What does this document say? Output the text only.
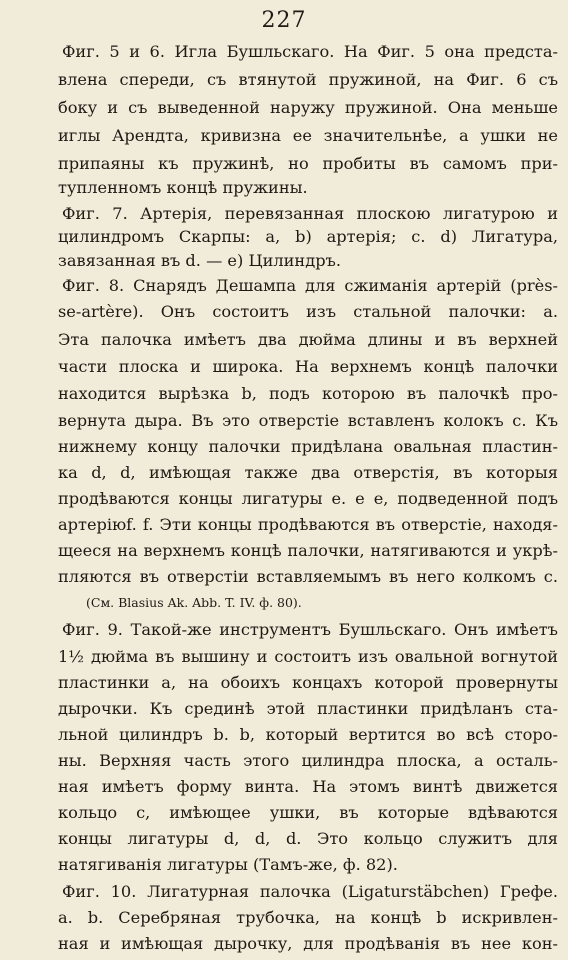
227
Фиг. 5 и 6. Игла Бушльскаго. На Фиг. 5 она предста-
влена спереди, съ втянутой пружиной, на Фиг. 6 съ
боку и съ выведенной наружу пружиной. Она меньше
иглы Арендта, кривизна ее значительнѣе, а ушки не
припаяны къ пружинѣ, но пробиты въ самомъ при-
тупленномъ концѣ пружины.
Фиг. 7. Артерія, перевязанная плоскою лигатурою и
цилиндромъ Скарпы: a, b) артерія; c. d) Лигатура,
завязанная въ d. — e) Цилиндръ.
Фиг. 8. Снарядъ Дешампа для сжиманія артерій (près-
se-artère). Онъ состоитъ изъ стальной палочки: a.
Эта палочка имѣетъ два дюйма длины и въ верхней
части плоска и широка. На верхнемъ концѣ палочки
находится вырѣзка b, подъ которою въ палочкѣ про-
вернута дыра. Въ это отверстіе вставленъ колокъ c. Къ
нижнему концу палочки придѣлана овальная пластин-
ка d, d, имѣющая также два отверстія, въ которыя
продѣваются концы лигатуры e. e e, подведенной подъ
артеріюf. f. Эти концы продѣваются въ отверстіе, находя-
щееся на верхнемъ концѣ палочки, натягиваются и укрѣ-
пляются въ отверстіи вставляемымъ въ него колкомъ c.
(См. Blasius Ak. Abb. T. IV. ф. 80).
Фиг. 9. Такой-же инструментъ Бушльскаго. Онъ имѣетъ
1½ дюйма въ вышину и состоитъ изъ овальной вогнутой
пластинки a, на обоихъ концахъ которой провернуты
дырочки. Къ срединѣ этой пластинки придѣланъ ста-
льной цилиндръ b. b, который вертится во всѣ сторо-
ны. Верхняя часть этого цилиндра плоска, а осталь-
ная имѣетъ форму винта. На этомъ винтѣ движется
кольцо c, имѣющее ушки, въ которые вдѣваются
концы лигатуры d, d, d. Это кольцо служитъ для
натягиванія лигатуры (Тамъ-же, ф. 82).
Фиг. 10. Лигатурная палочка (Ligaturstäbchen) Грефе.
a. b. Серебряная трубочка, на концѣ b искривлен-
ная и имѣющая дырочку, для продѣванія въ нее кон-
